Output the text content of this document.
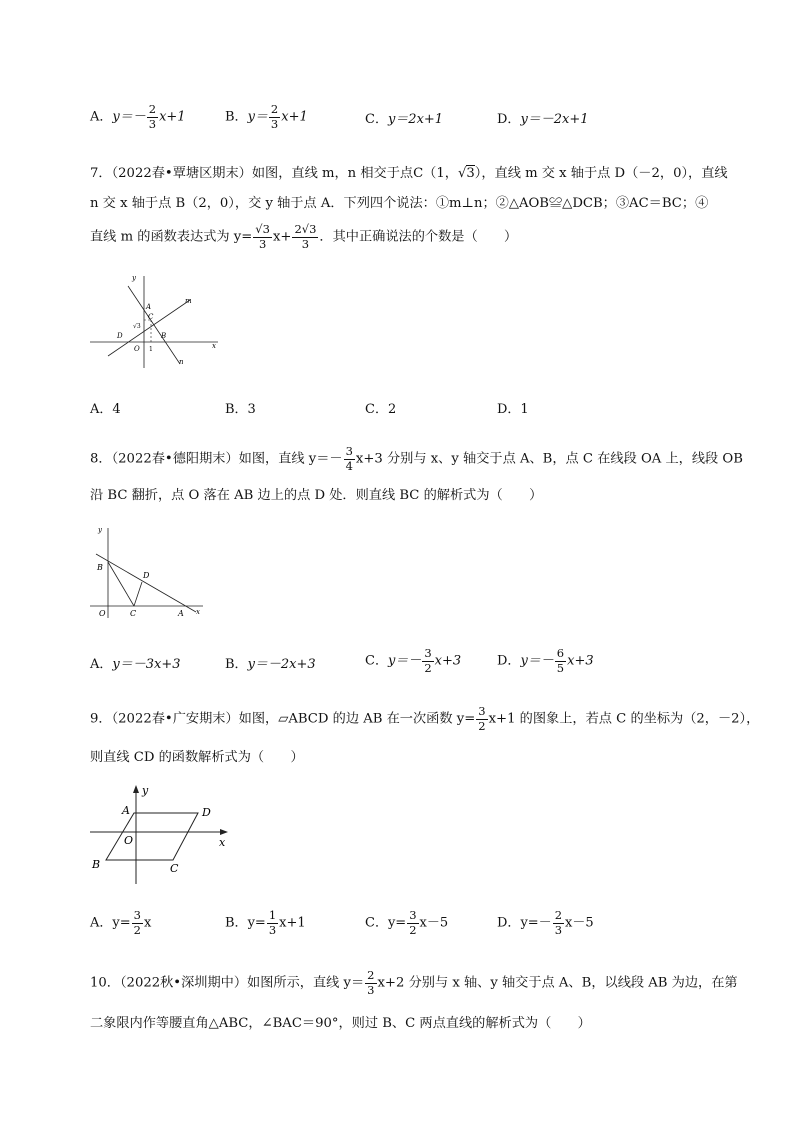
A．$y=- \frac{2}{3} x+1$	B．$y= \frac{2}{3} x+1$	C．y＝2x+1	D．y＝－2x+1
7．（2022春•覃塘区期末）如图，直线 m，n 相交于点C（1，√3），直线 m 交 x 轴于点 D（－2，0），直线
n 交 x 轴于点 B（2，0），交 y 轴于点 A．下列四个说法：①m⊥n；②△AOB≌△DCB；③AC＝BC；④
直线 m 的函数表达式为 $y= \frac{√3}{3} x+ \frac{2√3}{3}$ ．其中正确说法的个数是（　　）
y
x
m
n
A
C
√3
D	B
O 1
A．4	B．3	C．2	D．1
8．（2022春•德阳期末）如图，直线 $y=- \frac{3}{4} x+3$ 分别与 x、y 轴交于点 A、B，点 C 在线段 OA 上，线段 OB
沿 BC 翻折，点 O 落在 AB 边上的点 D 处．则直线 BC 的解析式为（　　）
y
x
B
D
O	C	A
A．y＝－3x+3	B．y＝－2x+3	C．$y=- \frac{3}{2} x+3$	D．$y=- \frac{6}{5} x+3$
9．（2022春•广安期末）如图，▱ABCD 的边 AB 在一次函数 $y= \frac{3}{2} x+1$ 的图象上，若点 C 的坐标为（2，－2），
则直线 CD 的函数解析式为（　　）
y
x
A	D
O
B	C
A．$y= \frac{3}{2}$ x	B．$y= \frac{1}{3} x+1$	C．$y= \frac{3}{2} x-5$	D．$y=- \frac{2}{3} x-5$
10．（2022秋•深圳期中）如图所示，直线 $y= \frac{2}{3} x+2$ 分别与 x 轴、y 轴交于点 A、B，以线段 AB 为边，在第
二象限内作等腰直角△ABC，∠BAC＝90°，则过 B、C 两点直线的解析式为（　　）
